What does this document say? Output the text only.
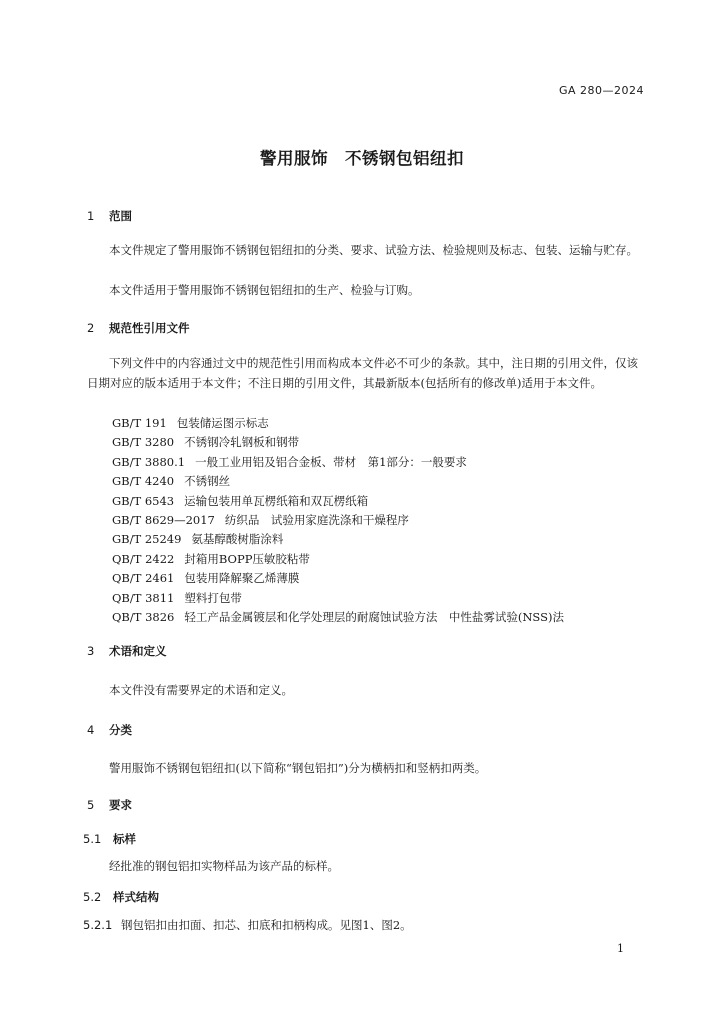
GA 280—2024
警用服饰　不锈钢包铝纽扣
1 范围
本文件规定了警用服饰不锈钢包铝纽扣的分类、要求、试验方法、检验规则及标志、包装、运输与贮存。
本文件适用于警用服饰不锈钢包铝纽扣的生产、检验与订购。
2 规范性引用文件
下列文件中的内容通过文中的规范性引用而构成本文件必不可少的条款。其中，注日期的引用文件，仅该日期对应的版本适用于本文件；不注日期的引用文件，其最新版本(包括所有的修改单)适用于本文件。
GB/T 191 包装储运图示标志
GB/T 3280 不锈钢冷轧钢板和钢带
GB/T 3880.1 一般工业用铝及铝合金板、带材　第1部分：一般要求
GB/T 4240 不锈钢丝
GB/T 6543 运输包装用单瓦楞纸箱和双瓦楞纸箱
GB/T 8629—2017 纺织品　试验用家庭洗涤和干燥程序
GB/T 25249 氨基醇酸树脂涂料
QB/T 2422 封箱用BOPP压敏胶粘带
QB/T 2461 包装用降解聚乙烯薄膜
QB/T 3811 塑料打包带
QB/T 3826 轻工产品金属镀层和化学处理层的耐腐蚀试验方法　中性盐雾试验(NSS)法
3 术语和定义
本文件没有需要界定的术语和定义。
4 分类
警用服饰不锈钢包铝纽扣(以下简称“钢包铝扣”)分为横柄扣和竖柄扣两类。
5 要求
5.1 标样
经批准的钢包铝扣实物样品为该产品的标样。
5.2 样式结构
5.2.1 钢包铝扣由扣面、扣芯、扣底和扣柄构成。见图1、图2。
1
